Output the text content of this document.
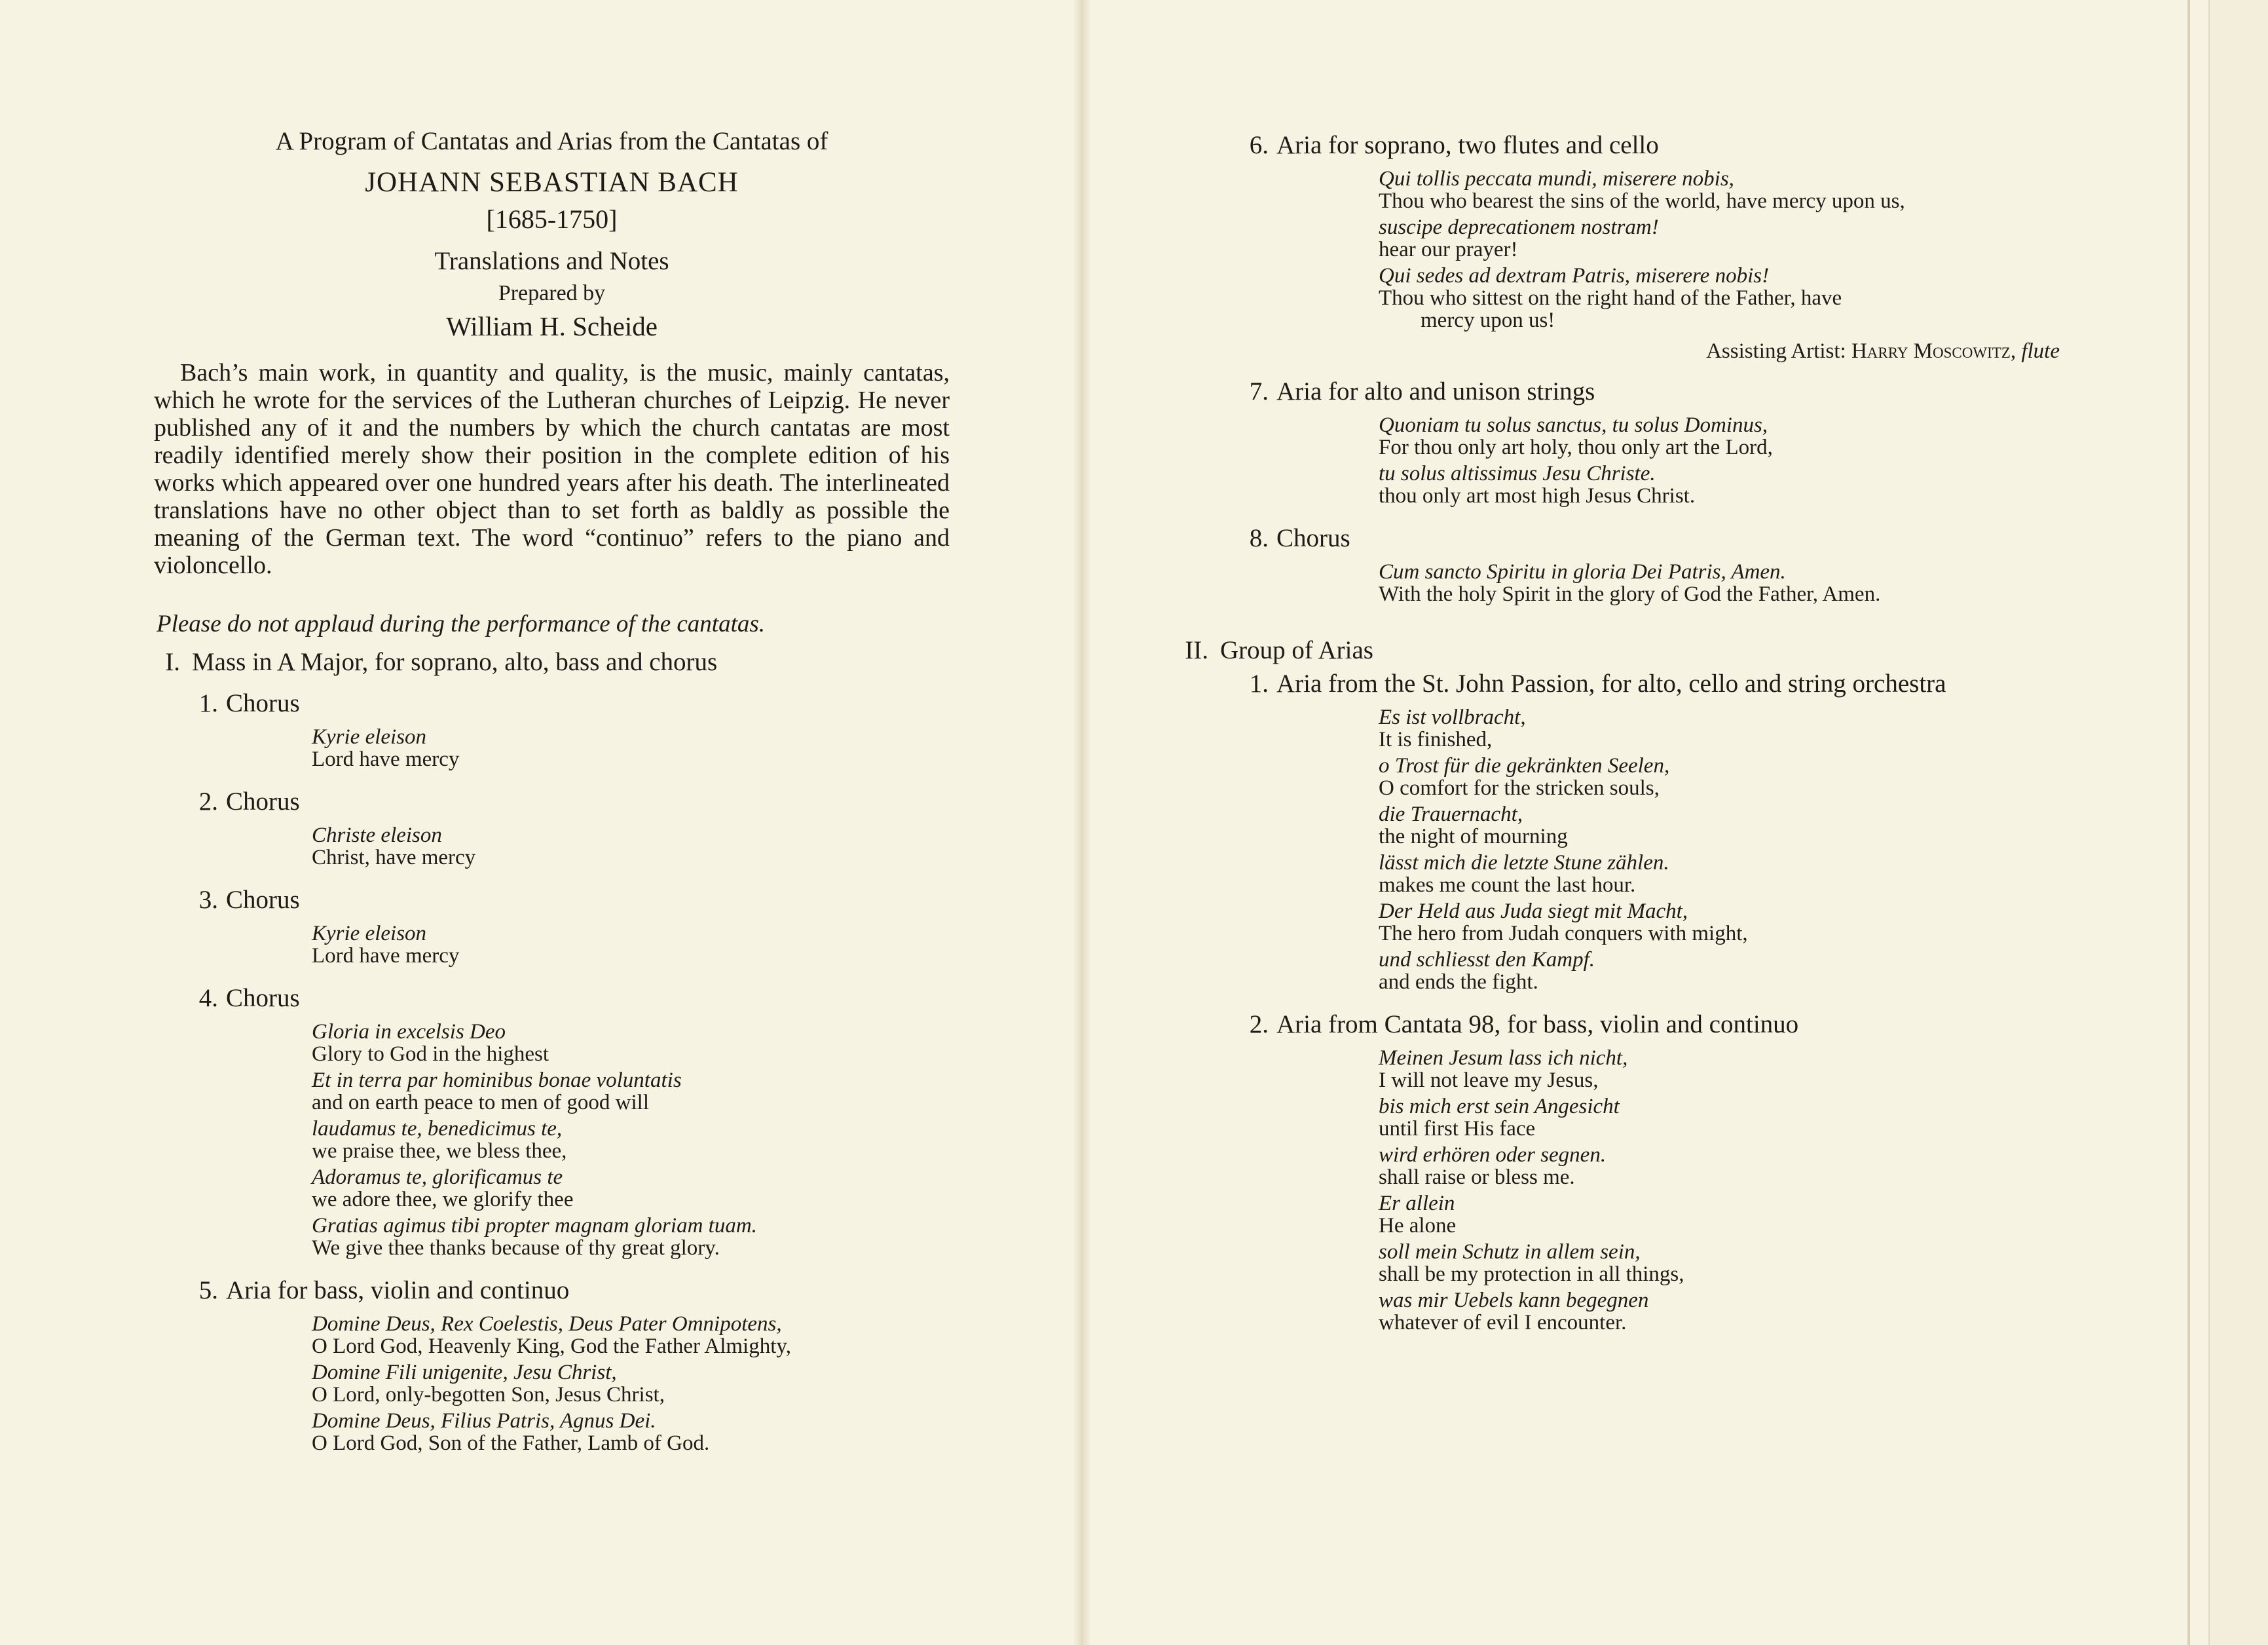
A Program of Cantatas and Arias from the Cantatas of
JOHANN SEBASTIAN BACH
[1685-1750]
Translations and Notes
Prepared by
William H. Scheide
Bach’s main work, in quantity and quality, is the music, mainly cantatas, which he wrote for the services of the Lutheran churches of Leipzig. He never published any of it and the numbers by which the church cantatas are most readily identified merely show their position in the complete edition of his works which appeared over one hundred years after his death. The interlineated translations have no other object than to set forth as baldly as possible the meaning of the German text. The word “continuo” refers to the piano and violoncello.
Please do not applaud during the performance of the cantatas.
I. Mass in A Major, for soprano, alto, bass and chorus
1. Chorus
Kyrie eleison
Lord have mercy
2. Chorus
Christe eleison
Christ, have mercy
3. Chorus
Kyrie eleison
Lord have mercy
4. Chorus
Gloria in excelsis Deo
Glory to God in the highest
Et in terra par hominibus bonae voluntatis
and on earth peace to men of good will
laudamus te, benedicimus te,
we praise thee, we bless thee,
Adoramus te, glorificamus te
we adore thee, we glorify thee
Gratias agimus tibi propter magnam gloriam tuam.
We give thee thanks because of thy great glory.
5. Aria for bass, violin and continuo
Domine Deus, Rex Coelestis, Deus Pater Omnipotens,
O Lord God, Heavenly King, God the Father Almighty,
Domine Fili unigenite, Jesu Christ,
O Lord, only-begotten Son, Jesus Christ,
Domine Deus, Filius Patris, Agnus Dei.
O Lord God, Son of the Father, Lamb of God.
6. Aria for soprano, two flutes and cello
Qui tollis peccata mundi, miserere nobis,
Thou who bearest the sins of the world, have mercy upon us,
suscipe deprecationem nostram!
hear our prayer!
Qui sedes ad dextram Patris, miserere nobis!
Thou who sittest on the right hand of the Father, have
mercy upon us!
Assisting Artist: Harry Moscowitz, flute
7. Aria for alto and unison strings
Quoniam tu solus sanctus, tu solus Dominus,
For thou only art holy, thou only art the Lord,
tu solus altissimus Jesu Christe.
thou only art most high Jesus Christ.
8. Chorus
Cum sancto Spiritu in gloria Dei Patris, Amen.
With the holy Spirit in the glory of God the Father, Amen.
II. Group of Arias
1. Aria from the St. John Passion, for alto, cello and string orchestra
Es ist vollbracht,
It is finished,
o Trost für die gekränkten Seelen,
O comfort for the stricken souls,
die Trauernacht,
the night of mourning
lässt mich die letzte Stune zählen.
makes me count the last hour.
Der Held aus Juda siegt mit Macht,
The hero from Judah conquers with might,
und schliesst den Kampf.
and ends the fight.
2. Aria from Cantata 98, for bass, violin and continuo
Meinen Jesum lass ich nicht,
I will not leave my Jesus,
bis mich erst sein Angesicht
until first His face
wird erhören oder segnen.
shall raise or bless me.
Er allein
He alone
soll mein Schutz in allem sein,
shall be my protection in all things,
was mir Uebels kann begegnen
whatever of evil I encounter.
